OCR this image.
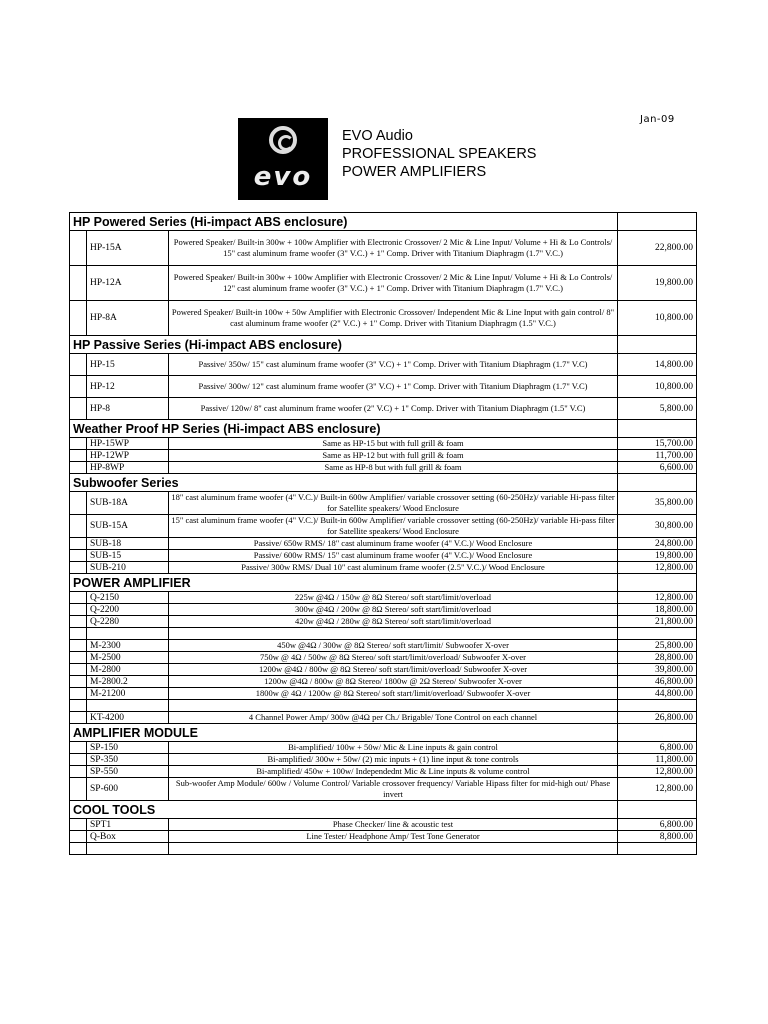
Jan-09
evo
EVO Audio
PROFESSIONAL SPEAKERS
POWER AMPLIFIERS
HP Powered Series (Hi-impact ABS enclosure)			
	HP-15A	Powered Speaker/ Built-in 300w + 100w Amplifier with Electronic Crossover/ 2 Mic & Line Input/ Volume + Hi & Lo Controls/ 15" cast aluminum frame woofer (3" V.C.) + 1" Comp. Driver with Titanium Diaphragm (1.7" V.C.)	22,800.00
	HP-12A	Powered Speaker/ Built-in 300w + 100w Amplifier with Electronic Crossover/ 2 Mic & Line Input/ Volume + Hi & Lo Controls/ 12" cast aluminum frame woofer (3" V.C.) + 1" Comp. Driver with Titanium Diaphragm (1.7" V.C.)	19,800.00
	HP-8A	Powered Speaker/ Built-in 100w + 50w Amplifier with Electronic Crossover/ Independent Mic & Line Input with gain control/ 8" cast aluminum frame woofer (2" V.C.) + 1" Comp. Driver with Titanium Diaphragm (1.5" V.C.)	10,800.00
HP Passive Series (Hi-impact ABS enclosure)			
	HP-15	Passive/ 350w/ 15" cast aluminum frame woofer (3" V.C) + 1" Comp. Driver with Titanium Diaphragm (1.7" V.C)	14,800.00
	HP-12	Passive/ 300w/ 12" cast aluminum frame woofer (3" V.C) + 1" Comp. Driver with Titanium Diaphragm (1.7" V.C)	10,800.00
	HP-8	Passive/ 120w/ 8" cast aluminum frame woofer (2" V.C) + 1" Comp. Driver with Titanium Diaphragm (1.5" V.C)	5,800.00
Weather Proof HP Series (Hi-impact ABS enclosure)			
	HP-15WP	Same as HP-15 but with full grill & foam	15,700.00
	HP-12WP	Same as HP-12 but with full grill & foam	11,700.00
	HP-8WP	Same as HP-8 but with full grill & foam	6,600.00
Subwoofer Series			
	SUB-18A	18" cast aluminum frame woofer (4" V.C.)/ Built-in 600w Amplifier/ variable crossover setting (60-250Hz)/ variable Hi-pass filter for Satellite speakers/ Wood Enclosure	35,800.00
	SUB-15A	15" cast aluminum frame woofer (4" V.C.)/ Built-in 600w Amplifier/ variable crossover setting (60-250Hz)/ variable Hi-pass filter for Satellite speakers/ Wood Enclosure	30,800.00
	SUB-18	Passive/ 650w RMS/ 18" cast aluminum frame woofer (4" V.C.)/ Wood Enclosure	24,800.00
	SUB-15	Passive/ 600w RMS/ 15" cast aluminum frame woofer (4" V.C.)/ Wood Enclosure	19,800.00
	SUB-210	Passive/ 300w RMS/ Dual 10" cast aluminum frame woofer (2.5" V.C.)/ Wood Enclosure	12,800.00
POWER AMPLIFIER			
	Q-2150	225w @4Ω / 150w @ 8Ω Stereo/ soft start/limit/overload	12,800.00
	Q-2200	300w @4Ω / 200w @ 8Ω Stereo/ soft start/limit/overload	18,800.00
	Q-2280	420w @4Ω / 280w @ 8Ω Stereo/ soft start/limit/overload	21,800.00

	M-2300	450w @4Ω / 300w @ 8Ω Stereo/ soft start/limit/ Subwoofer X-over	25,800.00
	M-2500	750w @ 4Ω / 500w @ 8Ω Stereo/ soft start/limit/overload/ Subwoofer X-over	28,800.00
	M-2800	1200w @4Ω / 800w @ 8Ω Stereo/ soft start/limit/overload/ Subwoofer X-over	39,800.00
	M-2800.2	1200w @4Ω / 800w @ 8Ω Stereo/ 1800w @ 2Ω Stereo/ Subwoofer X-over	46,800.00
	M-21200	1800w @ 4Ω / 1200w @ 8Ω Stereo/ soft start/limit/overload/ Subwoofer X-over	44,800.00

	KT-4200	4 Channel Power Amp/ 300w @4Ω per Ch./ Brigable/ Tone Control on each channel	26,800.00
AMPLIFIER MODULE			
	SP-150	Bi-amplified/ 100w + 50w/ Mic & Line inputs & gain control	6,800.00
	SP-350	Bi-amplified/ 300w + 50w/ (2) mic inputs + (1) line input & tone controls	11,800.00
	SP-550	Bi-amplified/ 450w + 100w/ Independednt Mic & Line inputs & volume control	12,800.00
	SP-600	Sub-woofer Amp Module/ 600w / Volume Control/ Variable crossover frequency/ Variable Hipass filter for mid-high out/ Phase invert	12,800.00
COOL TOOLS			
	SPT1	Phase Checker/ line & acoustic test	6,800.00
	Q-Box	Line Tester/ Headphone Amp/ Test Tone Generator	8,800.00
